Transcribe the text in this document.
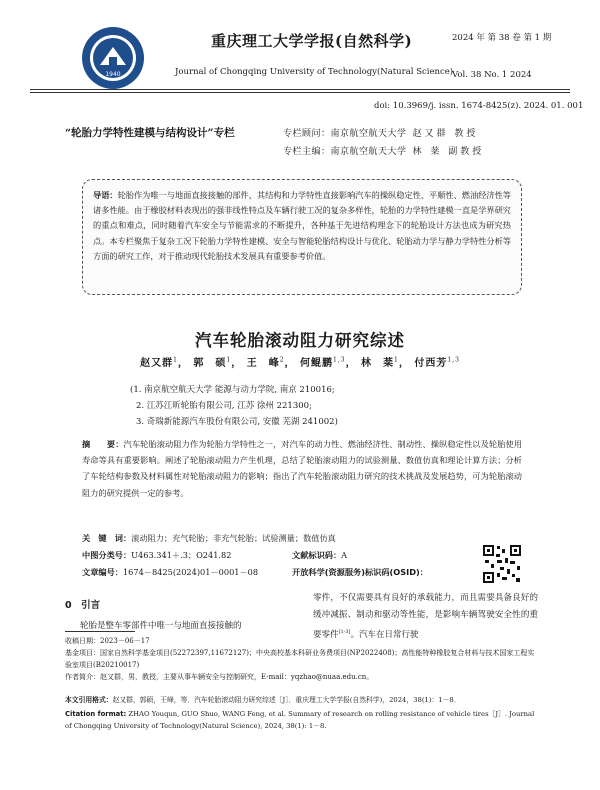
1940
重庆理工大学学报(自然科学)
Journal of Chongqing University of Technology(Natural Science)
2024 年 第 38 卷 第 1 期
Vol. 38 No. 1 2024
doi: 10.3969/j. issn. 1674-8425(z). 2024. 01. 001
“轮胎力学特性建模与结构设计”专栏	专栏顾问：南京航空航天大学 赵又群 教授
专栏主编：南京航空航天大学 林 棻 副教授
导语：轮胎作为唯一与地面直接接触的部件，其结构和力学特性直接影响汽车的操纵稳定性、平顺性、燃油经济性等诸多性能。由于橡胶材料表现出的强非线性特点及车辆行驶工况的复杂多样性，轮胎的力学特性建模一直是学界研究的重点和难点，同时随着汽车安全与节能需求的不断提升，各种基于先进结构理念下的轮胎设计方法也成为研究热点。本专栏聚焦于复杂工况下轮胎力学特性建模、安全与智能轮胎结构设计与优化、轮胎动力学与静力学特性分析等方面的研究工作，对于推动现代轮胎技术发展具有重要参考价值。
汽车轮胎滚动阻力研究综述
赵又群$^1$， 郭　硕$^1$， 王　峰$^2$， 何鲲鹏$^{1,3}$， 林　棻$^1$， 付西芳$^{1,3}$
(1. 南京航空航天大学 能源与动力学院, 南京 210016;
2. 江苏江昕轮胎有限公司, 江苏 徐州 221300;
3. 奇瑞新能源汽车股份有限公司, 安徽 芜湖 241002)
摘　　要：汽车轮胎滚动阻力作为轮胎力学特性之一，对汽车的动力性、燃油经济性、制动性、操纵稳定性以及轮胎使用寿命等具有重要影响。阐述了轮胎滚动阻力产生机理，总结了轮胎滚动阻力的试验测量、数值仿真和理论计算方法；分析了车轮结构参数及材料属性对轮胎滚动阻力的影响；指出了汽车轮胎滚动阻力研究的技术挑战及发展趋势，可为轮胎滚动阻力的研究提供一定的参考。
关　键　词：滚动阻力；充气轮胎；非充气轮胎；试验测量；数值仿真
中图分类号：U463.341＋.3；O241.82	文献标识码：A
文章编号：1674－8425(2024)01－0001－08	开放科学(资源服务)标识码(OSID)：
0　引言
轮胎是整车零部件中唯一与地面直接接触的
零件，不仅需要具有良好的承载能力，而且需要具备良好的缓冲减振、制动和驱动等性能，是影响车辆驾驶安全性的重要零件[1-3]。汽车在日常行驶
收稿日期：2023－06－17
基金项目：国家自然科学基金项目(52272397,11672127)；中央高校基本科研业务费项目(NP2022408)；高性能特种橡胶复合材料与技术国家工程实验室项目(B20210017)
作者简介：赵又群，男，教授，主要从事车辆安全与控制研究，E-mail：yqzhao@nuaa.edu.cn。
本文引用格式：赵又群，郭硕，王峰，等．汽车轮胎滚动阻力研究综述［J］．重庆理工大学学报(自然科学)，2024，38(1)：1－8．
Citation format: ZHAO Youqun, GUO Shuo, WANG Feng, et al. Summary of research on rolling resistance of vehicle tires［J］. Journal of Chongqing University of Technology(Natural Science), 2024, 38(1): 1－8.
